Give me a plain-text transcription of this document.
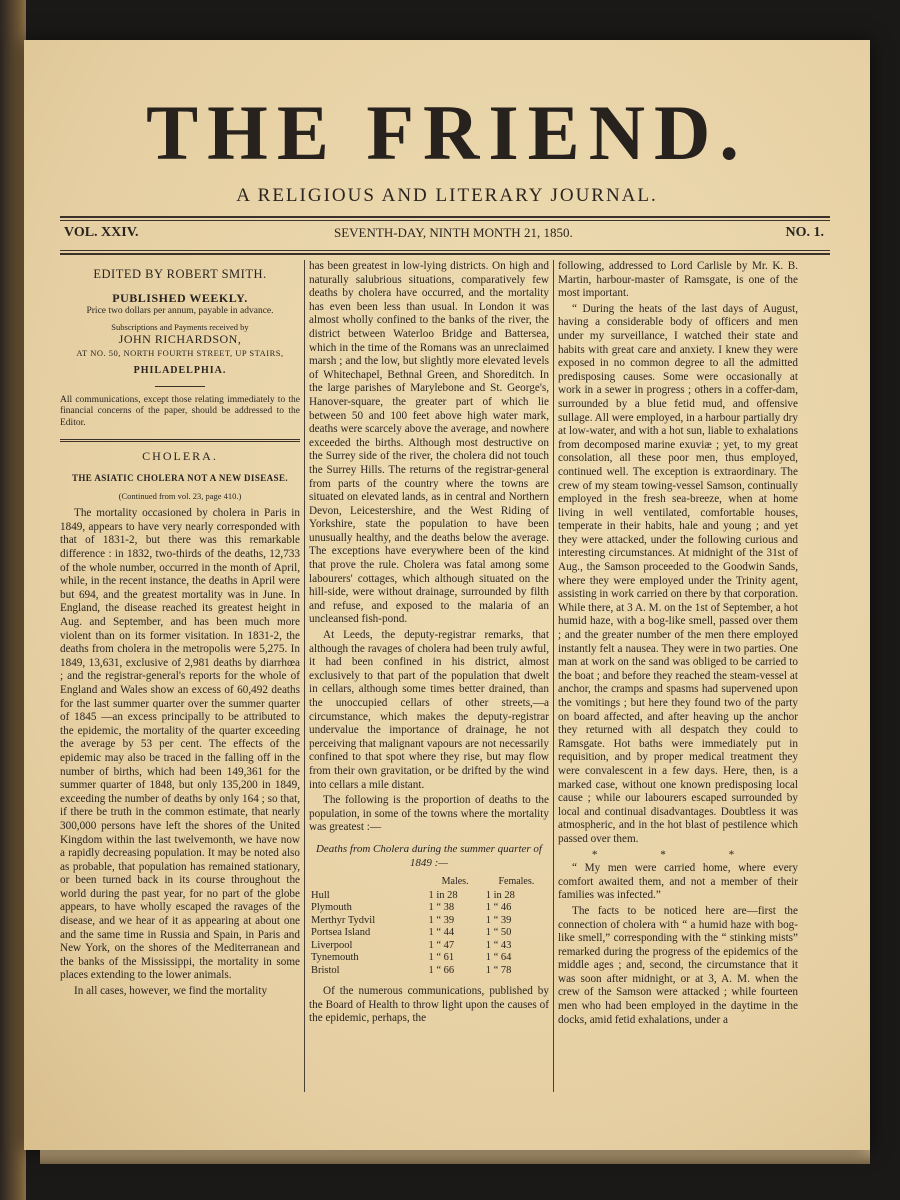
THE FRIEND.
A RELIGIOUS AND LITERARY JOURNAL.
VOL. XXIV.	SEVENTH-DAY, NINTH MONTH 21, 1850.	NO. 1.
EDITED BY ROBERT SMITH.
PUBLISHED WEEKLY.
Price two dollars per annum, payable in advance.
Subscriptions and Payments received by
JOHN RICHARDSON,
AT NO. 50, NORTH FOURTH STREET, UP STAIRS,
PHILADELPHIA.
All communications, except those relating immediately to the financial concerns of the paper, should be addressed to the Editor.
CHOLERA.
THE ASIATIC CHOLERA NOT A NEW DISEASE.
(Continued from vol. 23, page 410.)

The mortality occasioned by cholera in Paris in 1849, appears to have very nearly corresponded with that of 1831-2, but there was this remarkable difference : in 1832, two-thirds of the deaths, 12,733 of the whole number, occurred in the month of April, while, in the recent instance, the deaths in April were but 694, and the greatest mortality was in June. In England, the disease reached its greatest height in Aug. and September, and has been much more violent than on its former visitation. In 1831-2, the deaths from cholera in the metropolis were 5,275. In 1849, 13,631, exclusive of 2,981 deaths by diarrhœa ; and the registrar-general's reports for the whole of England and Wales show an excess of 60,492 deaths for the last summer quarter over the summer quarter of 1845 —an excess principally to be attributed to the epidemic, the mortality of the quarter exceeding the average by 53 per cent. The effects of the epidemic may also be traced in the falling off in the number of births, which had been 149,361 for the summer quarter of 1848, but only 135,200 in 1849, exceeding the number of deaths by only 164 ; so that, if there be truth in the common estimate, that nearly 300,000 persons have left the shores of the United Kingdom within the last twelvemonth, we have now a rapidly decreasing population. It may be noted also as probable, that population has remained stationary, or been turned back in its course throughout the world during the past year, for no part of the globe appears, to have wholly escaped the ravages of the disease, and we hear of it as appearing at about one and the same time in Russia and Spain, in Paris and New York, on the shores of the Mediterranean and the banks of the Mississippi, the mortality in some places extending to the lower animals.

In all cases, however, we find the mortality

has been greatest in low-lying districts. On high and naturally salubrious situations, comparatively few deaths by cholera have occurred, and the mortality has even been less than usual. In London it was almost wholly confined to the banks of the river, the district between Waterloo Bridge and Battersea, which in the time of the Romans was an unreclaimed marsh ; and the low, but slightly more elevated levels of Whitechapel, Bethnal Green, and Shoreditch. In the large parishes of Marylebone and St. George's, Hanover-square, the greater part of which lie between 50 and 100 feet above high water mark, deaths were scarcely above the average, and nowhere exceeded the births. Although most destructive on the Surrey side of the river, the cholera did not touch the Surrey Hills. The returns of the registrar-general from parts of the country where the towns are situated on elevated lands, as in central and Northern Devon, Leicestershire, and the West Riding of Yorkshire, state the population to have been unusually healthy, and the deaths below the average. The exceptions have everywhere been of the kind that prove the rule. Cholera was fatal among some labourers' cottages, which although situated on the hill-side, were without drainage, surrounded by filth and refuse, and exposed to the malaria of an uncleansed fish-pond.

At Leeds, the deputy-registrar remarks, that although the ravages of cholera had been truly awful, it had been confined in his district, almost exclusively to that part of the population that dwelt in cellars, although some times better drained, than the unoccupied cellars of other streets,—a circumstance, which makes the deputy-registrar undervalue the importance of drainage, he not perceiving that malignant vapours are not necessarily confined to that spot where they rise, but may flow from their own gravitation, or be drifted by the wind into cellars a mile distant.

The following is the proportion of deaths to the population, in some of the towns where the mortality was greatest :—

Deaths from Cholera during the summer quarter of 1849 :—
	Males.	Females.
Hull	1 in 28	1 in 28
Plymouth	1 “ 38	1 “ 46
Merthyr Tydvil	1 “ 39	1 “ 39
Portsea Island	1 “ 44	1 “ 50
Liverpool	1 “ 47	1 “ 43
Tynemouth	1 “ 61	1 “ 64
Bristol	1 “ 66	1 “ 78

Of the numerous communications, published by the Board of Health to throw light upon the causes of the epidemic, perhaps, the

following, addressed to Lord Carlisle by Mr. K. B. Martin, harbour-master of Ramsgate, is one of the most important.

“ During the heats of the last days of August, having a considerable body of officers and men under my surveillance, I watched their state and habits with great care and anxiety. I knew they were exposed in no common degree to all the admitted predisposing causes. Some were occasionally at work in a sewer in progress ; others in a coffer-dam, surrounded by a blue fetid mud, and offensive sullage. All were employed, in a harbour partially dry at low-water, and with a hot sun, liable to exhalations from decomposed marine exuviæ ; yet, to my great consolation, all these poor men, thus employed, continued well. The exception is extraordinary. The crew of my steam towing-vessel Samson, continually employed in the fresh sea-breeze, when at home living in well ventilated, comfortable houses, temperate in their habits, hale and young ; and yet they were attacked, under the following curious and interesting circumstances. At midnight of the 31st of Aug., the Samson proceeded to the Goodwin Sands, where they were employed under the Trinity agent, assisting in work carried on there by that corporation. While there, at 3 A. M. on the 1st of September, a hot humid haze, with a bog-like smell, passed over them ; and the greater number of the men there employed instantly felt a nausea. They were in two parties. One man at work on the sand was obliged to be carried to the boat ; and before they reached the steam-vessel at anchor, the cramps and spasms had supervened upon the vomitings ; but here they found two of the party on board affected, and after heaving up the anchor they returned with all despatch they could to Ramsgate. Hot baths were immediately put in requisition, and by proper medical treatment they were convalescent in a few days. Here, then, is a marked case, without one known predisposing local cause ; while our labourers escaped surrounded by local and continual disadvantages. Doubtless it was atmospheric, and in the hot blast of pestilence which passed over them.

* * *

“ My men were carried home, where every comfort awaited them, and not a member of their families was infected.”

The facts to be noticed here are—first the connection of cholera with “ a humid haze with bog-like smell,” corresponding with the “ stinking mists” remarked during the progress of the epidemics of the middle ages ; and, second, the circumstance that it was soon after midnight, or at 3, A. M. when the crew of the Samson were attacked ; while fourteen men who had been employed in the daytime in the docks, amid fetid exhalations, under a
